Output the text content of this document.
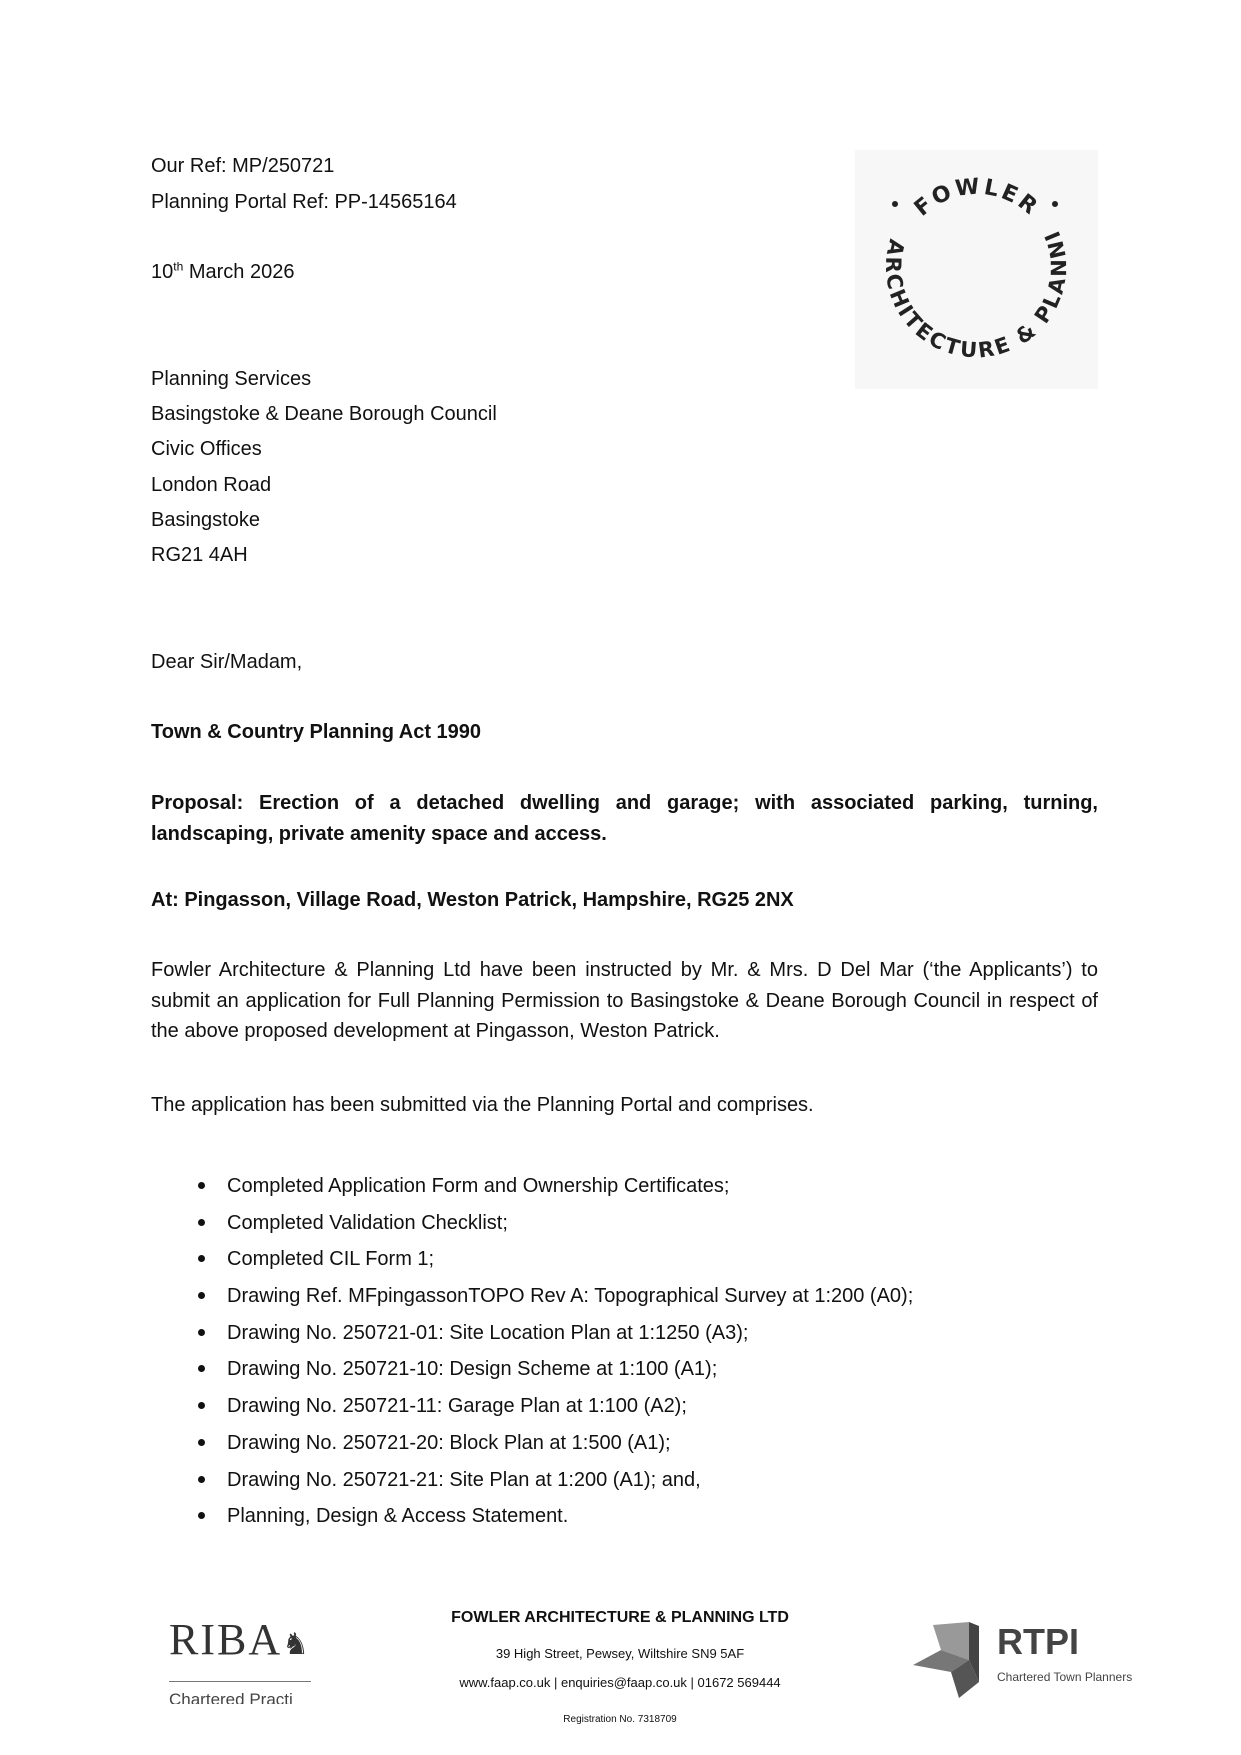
Our Ref: MP/250721
Planning Portal Ref: PP-14565164
10th March 2026
FOWLER
ARCHITECTURE & PLANNI
Planning Services
Basingstoke & Deane Borough Council
Civic Offices
London Road
Basingstoke
RG21 4AH
Dear Sir/Madam,
Town & Country Planning Act 1990
Proposal: Erection of a detached dwelling and garage; with associated parking, turning, landscaping, private amenity space and access.
At: Pingasson, Village Road, Weston Patrick, Hampshire, RG25 2NX
Fowler Architecture & Planning Ltd have been instructed by Mr. & Mrs. D Del Mar (‘the Applicants’) to submit an application for Full Planning Permission to Basingstoke & Deane Borough Council in respect of the above proposed development at Pingasson, Weston Patrick.
The application has been submitted via the Planning Portal and comprises.
Completed Application Form and Ownership Certificates;
Completed Validation Checklist;
Completed CIL Form 1;
Drawing Ref. MFpingassonTOPO Rev A: Topographical Survey at 1:200 (A0);
Drawing No. 250721-01: Site Location Plan at 1:1250 (A3);
Drawing No. 250721-10: Design Scheme at 1:100 (A1);
Drawing No. 250721-11: Garage Plan at 1:100 (A2);
Drawing No. 250721-20: Block Plan at 1:500 (A1);
Drawing No. 250721-21: Site Plan at 1:200 (A1); and,
Planning, Design & Access Statement.
RIBA♞
Chartered Practi
FOWLER ARCHITECTURE & PLANNING LTD
39 High Street, Pewsey, Wiltshire SN9 5AF
www.faap.co.uk | enquiries@faap.co.uk | 01672 569444
Registration No. 7318709
RTPI
Chartered Town Planners
